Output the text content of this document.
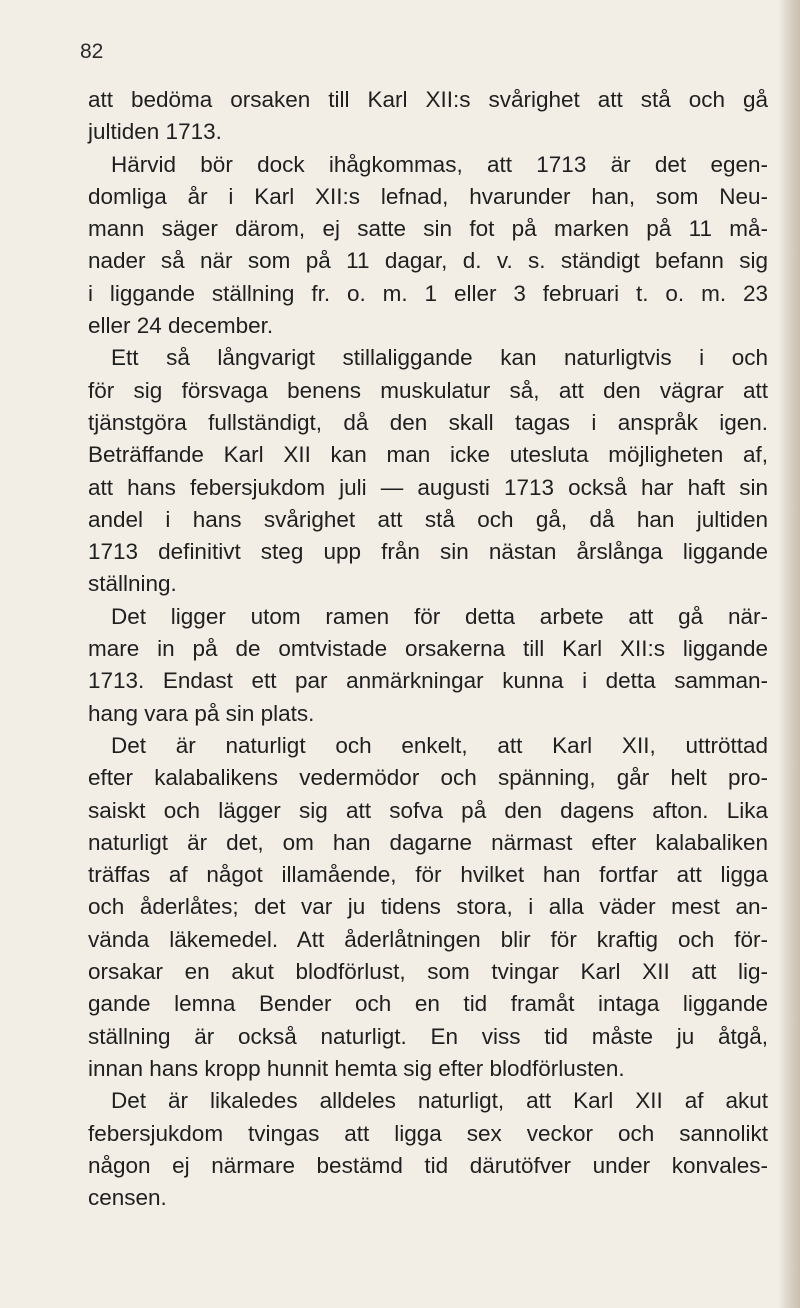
82

att bedöma orsaken till Karl XII:s svårighet att stå och gå
jultiden 1713.

Härvid bör dock ihågkommas, att 1713 är det egen-
domliga år i Karl XII:s lefnad, hvarunder han, som Neu-
mann säger därom, ej satte sin fot på marken på 11 må-
nader så när som på 11 dagar, d. v. s. ständigt befann sig
i liggande ställning fr. o. m. 1 eller 3 februari t. o. m. 23
eller 24 december.

Ett så långvarigt stillaliggande kan naturligtvis i och
för sig försvaga benens muskulatur så, att den vägrar att
tjänstgöra fullständigt, då den skall tagas i anspråk igen.
Beträffande Karl XII kan man icke utesluta möjligheten af,
att hans febersjukdom juli — augusti 1713 också har haft sin
andel i hans svårighet att stå och gå, då han jultiden
1713 definitivt steg upp från sin nästan årslånga liggande
ställning.

Det ligger utom ramen för detta arbete att gå när-
mare in på de omtvistade orsakerna till Karl XII:s liggande
1713. Endast ett par anmärkningar kunna i detta samman-
hang vara på sin plats.

Det är naturligt och enkelt, att Karl XII, uttröttad
efter kalabalikens vedermödor och spänning, går helt pro-
saiskt och lägger sig att sofva på den dagens afton. Lika
naturligt är det, om han dagarne närmast efter kalabaliken
träffas af något illamående, för hvilket han fortfar att ligga
och åderlåtes; det var ju tidens stora, i alla väder mest an-
vända läkemedel. Att åderlåtningen blir för kraftig och för-
orsakar en akut blodförlust, som tvingar Karl XII att lig-
gande lemna Bender och en tid framåt intaga liggande
ställning är också naturligt. En viss tid måste ju åtgå,
innan hans kropp hunnit hemta sig efter blodförlusten.

Det är likaledes alldeles naturligt, att Karl XII af akut
febersjukdom tvingas att ligga sex veckor och sannolikt
någon ej närmare bestämd tid därutöfver under konvales-
censen.
